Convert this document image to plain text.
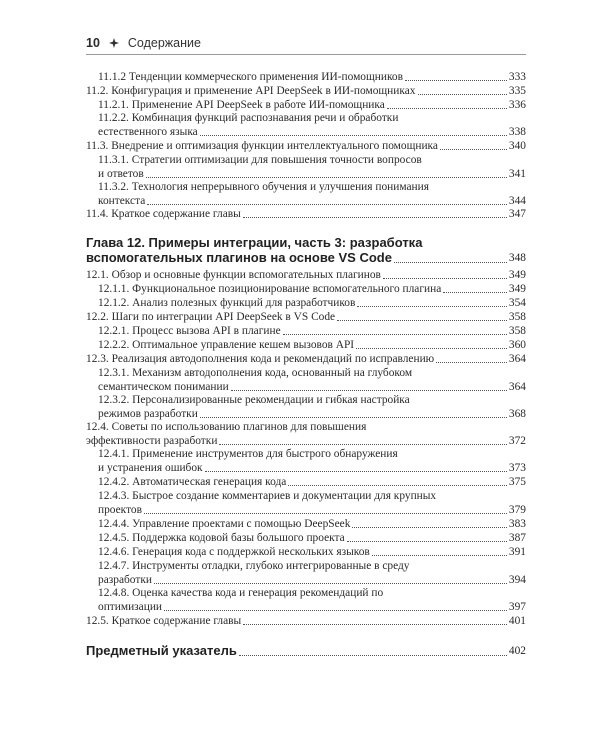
10 Содержание
11.1.2 Тенденции коммерческого применения ИИ-помощников	333
11.2. Конфигурация и применение API DeepSeek в ИИ-помощниках	335
11.2.1. Применение API DeepSeek в работе ИИ-помощника	336
11.2.2. Комбинация функций распознавания речи и обработки
естественного языка	338
11.3. Внедрение и оптимизация функции интеллектуального помощника	340
11.3.1. Стратегии оптимизации для повышения точности вопросов
и ответов	341
11.3.2. Технология непрерывного обучения и улучшения понимания
контекста	344
11.4. Краткое содержание главы	347
Глава 12. Примеры интеграции, часть 3: разработка
вспомогательных плагинов на основе VS Code	348
12.1. Обзор и основные функции вспомогательных плагинов	349
12.1.1. Функциональное позиционирование вспомогательного плагина	349
12.1.2. Анализ полезных функций для разработчиков	354
12.2. Шаги по интеграции API DeepSeek в VS Code	358
12.2.1. Процесс вызова API в плагине	358
12.2.2. Оптимальное управление кешем вызовов API	360
12.3. Реализация автодополнения кода и рекомендаций по исправлению	364
12.3.1. Механизм автодополнения кода, основанный на глубоком
семантическом понимании	364
12.3.2. Персонализированные рекомендации и гибкая настройка
режимов разработки	368
12.4. Советы по использованию плагинов для повышения
эффективности разработки	372
12.4.1. Применение инструментов для быстрого обнаружения
и устранения ошибок	373
12.4.2. Автоматическая генерация кода	375
12.4.3. Быстрое создание комментариев и документации для крупных
проектов	379
12.4.4. Управление проектами с помощью DeepSeek	383
12.4.5. Поддержка кодовой базы большого проекта	387
12.4.6. Генерация кода с поддержкой нескольких языков	391
12.4.7. Инструменты отладки, глубоко интегрированные в среду
разработки	394
12.4.8. Оценка качества кода и генерация рекомендаций по
оптимизации	397
12.5. Краткое содержание главы	401
Предметный указатель	402
